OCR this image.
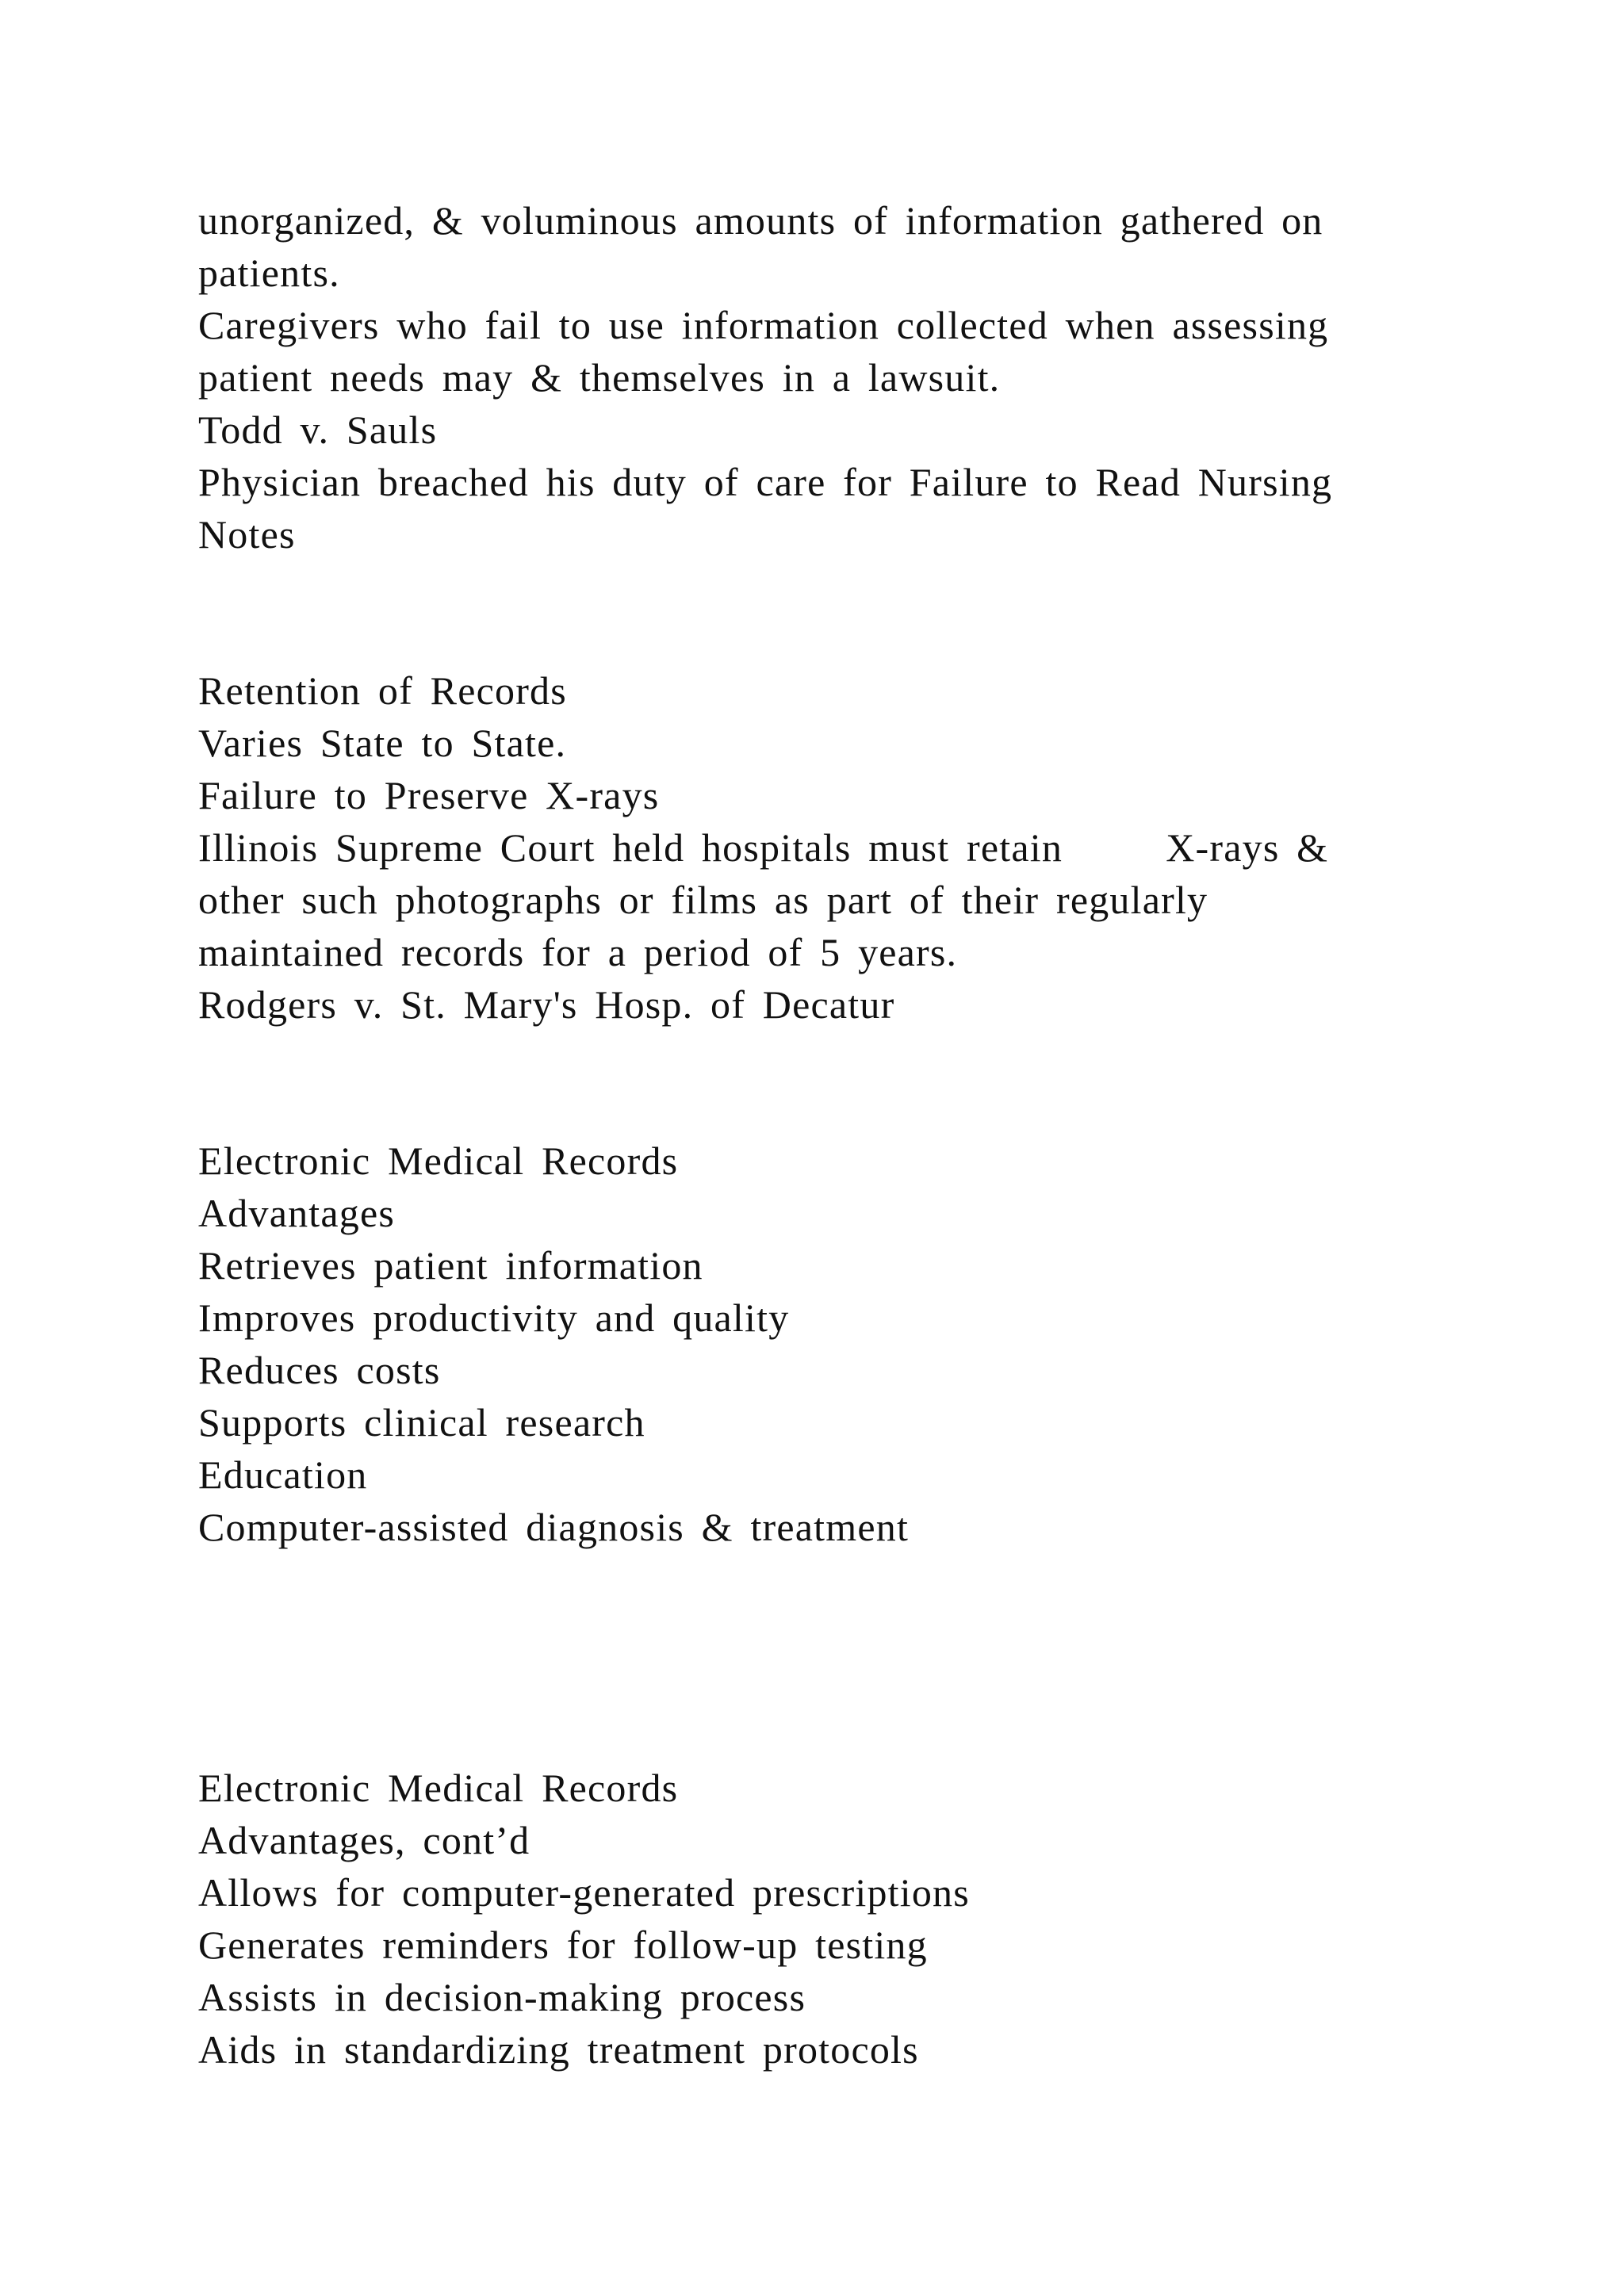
unorganized, & voluminous amounts of information gathered on
patients.
Caregivers who fail to use information collected when assessing
patient needs may & themselves in a lawsuit.
Todd v. Sauls
Physician breached his duty of care for Failure to Read Nursing
Notes
Retention of Records
Varies State to State.
Failure to Preserve X-rays
Illinois Supreme Court held hospitals must retain      X-rays &
other such photographs or films as part of their regularly
maintained records for a period of 5 years.
Rodgers v. St. Mary's Hosp. of Decatur
Electronic Medical Records
Advantages
Retrieves patient information
Improves productivity and quality
Reduces costs
Supports clinical research
Education
Computer-assisted diagnosis & treatment
Electronic Medical Records
Advantages, cont’d
Allows for computer-generated prescriptions
Generates reminders for follow-up testing
Assists in decision-making process
Aids in standardizing treatment protocols
